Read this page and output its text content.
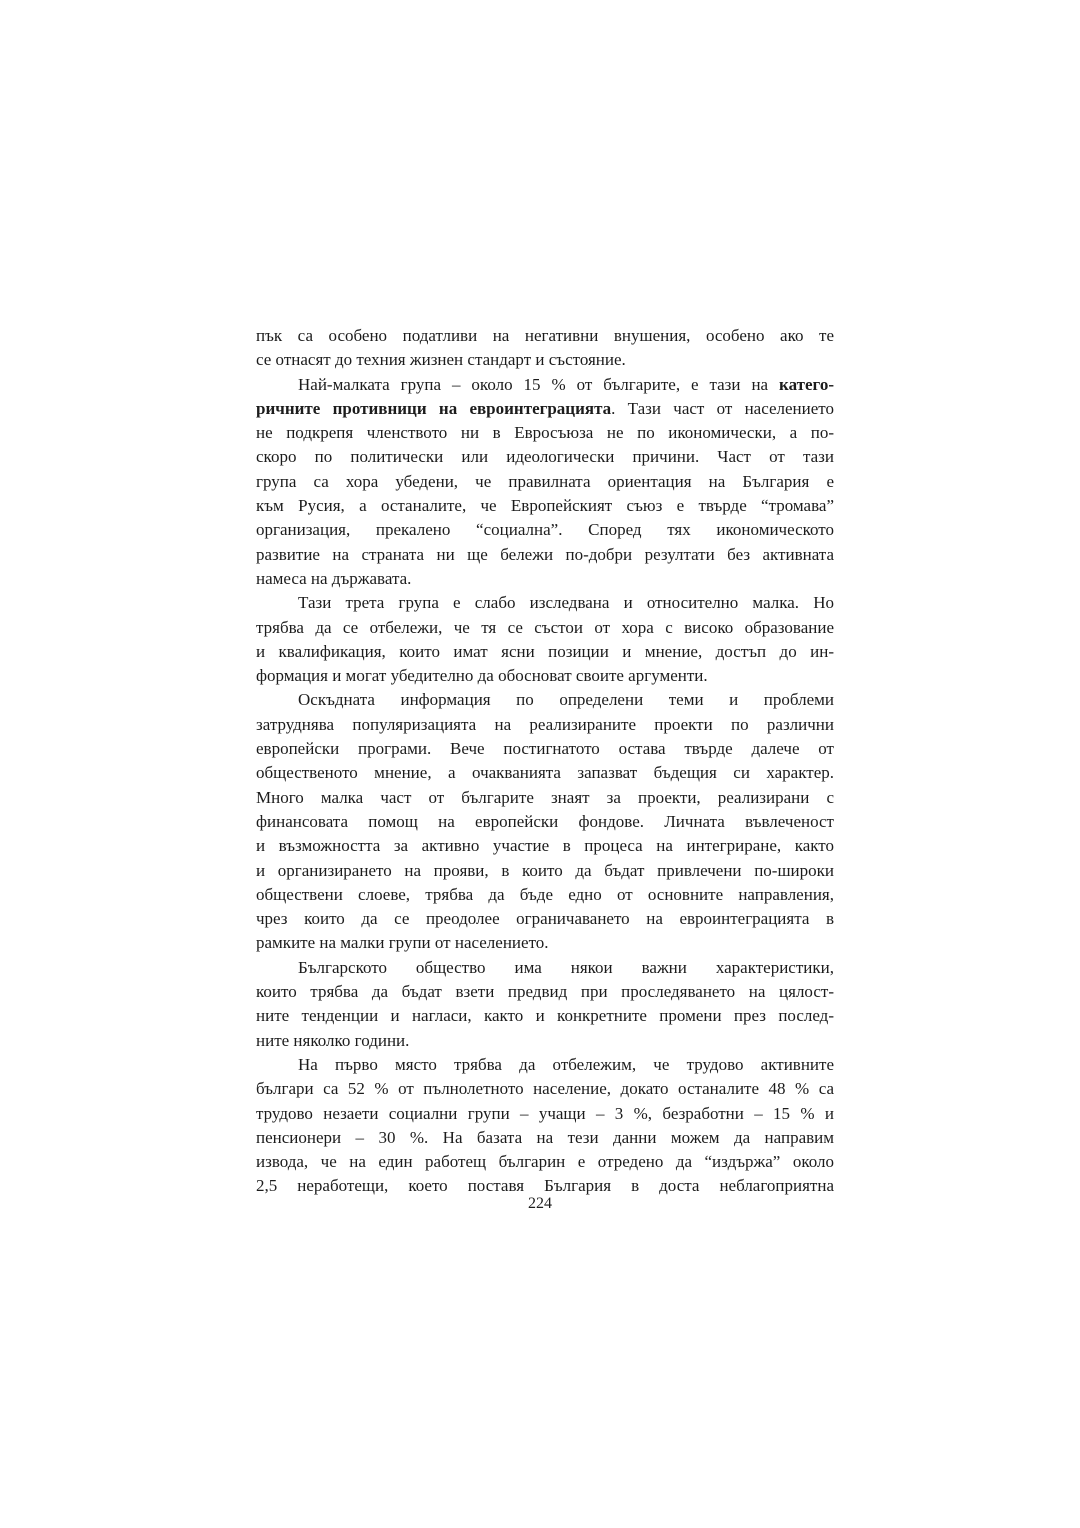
пък са особено податливи на негативни внушения, особено ако те
се отнасят до техния жизнен стандарт и състояние.
Най-малката група – около 15 % от българите, е тази на катего-
ричните противници на евроинтеграцията. Тази част от населението
не подкрепя членството ни в Евросъюза не по икономически, а по-
скоро по политически или идеологически причини. Част от тази
група са хора убедени, че правилната ориентация на България е
към Русия, а останалите, че Европейският съюз е твърде “тромава”
организация, прекалено “социална”. Според тях икономическото
развитие на страната ни ще бележи по-добри резултати без активната
намеса на държавата.
Тази трета група е слабо изследвана и относително малка. Но
трябва да се отбележи, че тя се състои от хора с високо образование
и квалификация, които имат ясни позиции и мнение, достъп до ин-
формация и могат убедително да обосноват своите аргументи.
Оскъдната информация по определени теми и проблеми
затруднява популяризацията на реализираните проекти по различни
европейски програми. Вече постигнатото остава твърде далече от
общественото мнение, а очакванията запазват бъдещия си характер.
Много малка част от българите знаят за проекти, реализирани с
финансовата помощ на европейски фондове. Личната въвлеченост
и възможността за активно участие в процеса на интегриране, както
и организирането на прояви, в които да бъдат привлечени по-широки
обществени слоеве, трябва да бъде едно от основните направления,
чрез които да се преодолее ограничаването на евроинтеграцията в
рамките на малки групи от населението.
Българското общество има някои важни характеристики,
които трябва да бъдат взети предвид при проследяването на цялост-
ните тенденции и нагласи, както и конкретните промени през послед-
ните няколко години.
На първо място трябва да отбележим, че трудово активните
българи са 52 % от пълнолетното население, докато останалите 48 % са
трудово незаети социални групи – учащи – 3 %, безработни – 15 % и
пенсионери – 30 %. На базата на тези данни можем да направим
извода, че на един работещ българин е отредено да “издържа” около
2,5 неработещи, което поставя България в доста неблагоприятна
224
